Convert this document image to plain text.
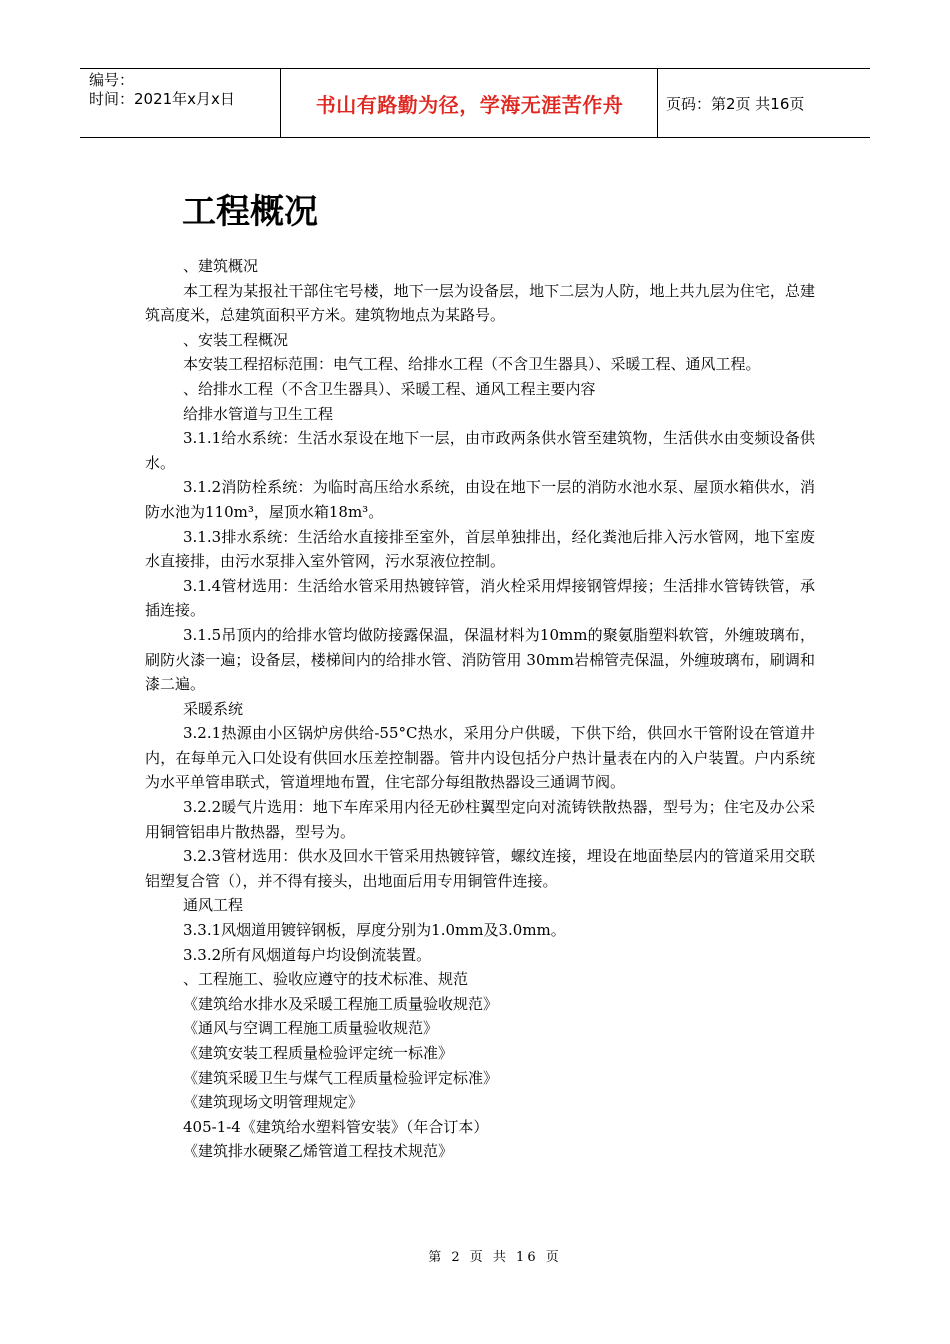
编号：
时间：2021年x月x日	书山有路勤为径，学海无涯苦作舟	页码：第2页 共16页
工程概况

、建筑概况

本工程为某报社干部住宅号楼，地下一层为设备层，地下二层为人防，地上共九层为住宅，总建筑高度米，总建筑面积平方米。建筑物地点为某路号。

、安装工程概况

本安装工程招标范围：电气工程、给排水工程（不含卫生器具）、采暖工程、通风工程。

、给排水工程（不含卫生器具）、采暖工程、通风工程主要内容

给排水管道与卫生工程

3.1.1给水系统：生活水泵设在地下一层，由市政两条供水管至建筑物，生活供水由变频设备供水。

3.1.2消防栓系统：为临时高压给水系统，由设在地下一层的消防水池水泵、屋顶水箱供水，消防水池为110m³，屋顶水箱18m³。

3.1.3排水系统：生活给水直接排至室外，首层单独排出，经化粪池后排入污水管网，地下室废水直接排，由污水泵排入室外管网，污水泵液位控制。

3.1.4管材选用：生活给水管采用热镀锌管，消火栓采用焊接钢管焊接；生活排水管铸铁管，承插连接。

3.1.5吊顶内的给排水管均做防接露保温，保温材料为10mm的聚氨脂塑料软管，外缠玻璃布，刷防火漆一遍；设备层，楼梯间内的给排水管、消防管用 30mm岩棉管壳保温，外缠玻璃布，刷调和漆二遍。

采暖系统

3.2.1热源由小区锅炉房供给-55°C热水，采用分户供暖，下供下给，供回水干管附设在管道井内，在每单元入口处设有供回水压差控制器。管井内设包括分户热计量表在内的入户装置。户内系统为水平单管串联式，管道埋地布置，住宅部分每组散热器设三通调节阀。

3.2.2暖气片选用：地下车库采用内径无砂柱翼型定向对流铸铁散热器，型号为；住宅及办公采用铜管铝串片散热器，型号为。

3.2.3管材选用：供水及回水干管采用热镀锌管，螺纹连接，埋设在地面垫层内的管道采用交联铝塑复合管（），并不得有接头，出地面后用专用铜管件连接。

通风工程

3.3.1风烟道用镀锌钢板，厚度分别为1.0mm及3.0mm。

3.3.2所有风烟道每户均设倒流装置。

、工程施工、验收应遵守的技术标准、规范

《建筑给水排水及采暖工程施工质量验收规范》

《通风与空调工程施工质量验收规范》

《建筑安装工程质量检验评定统一标准》

《建筑采暖卫生与煤气工程质量检验评定标准》

《建筑现场文明管理规定》

405-1-4《建筑给水塑料管安装》（年合订本）

《建筑排水硬聚乙烯管道工程技术规范》

第 2 页 共 16 页
